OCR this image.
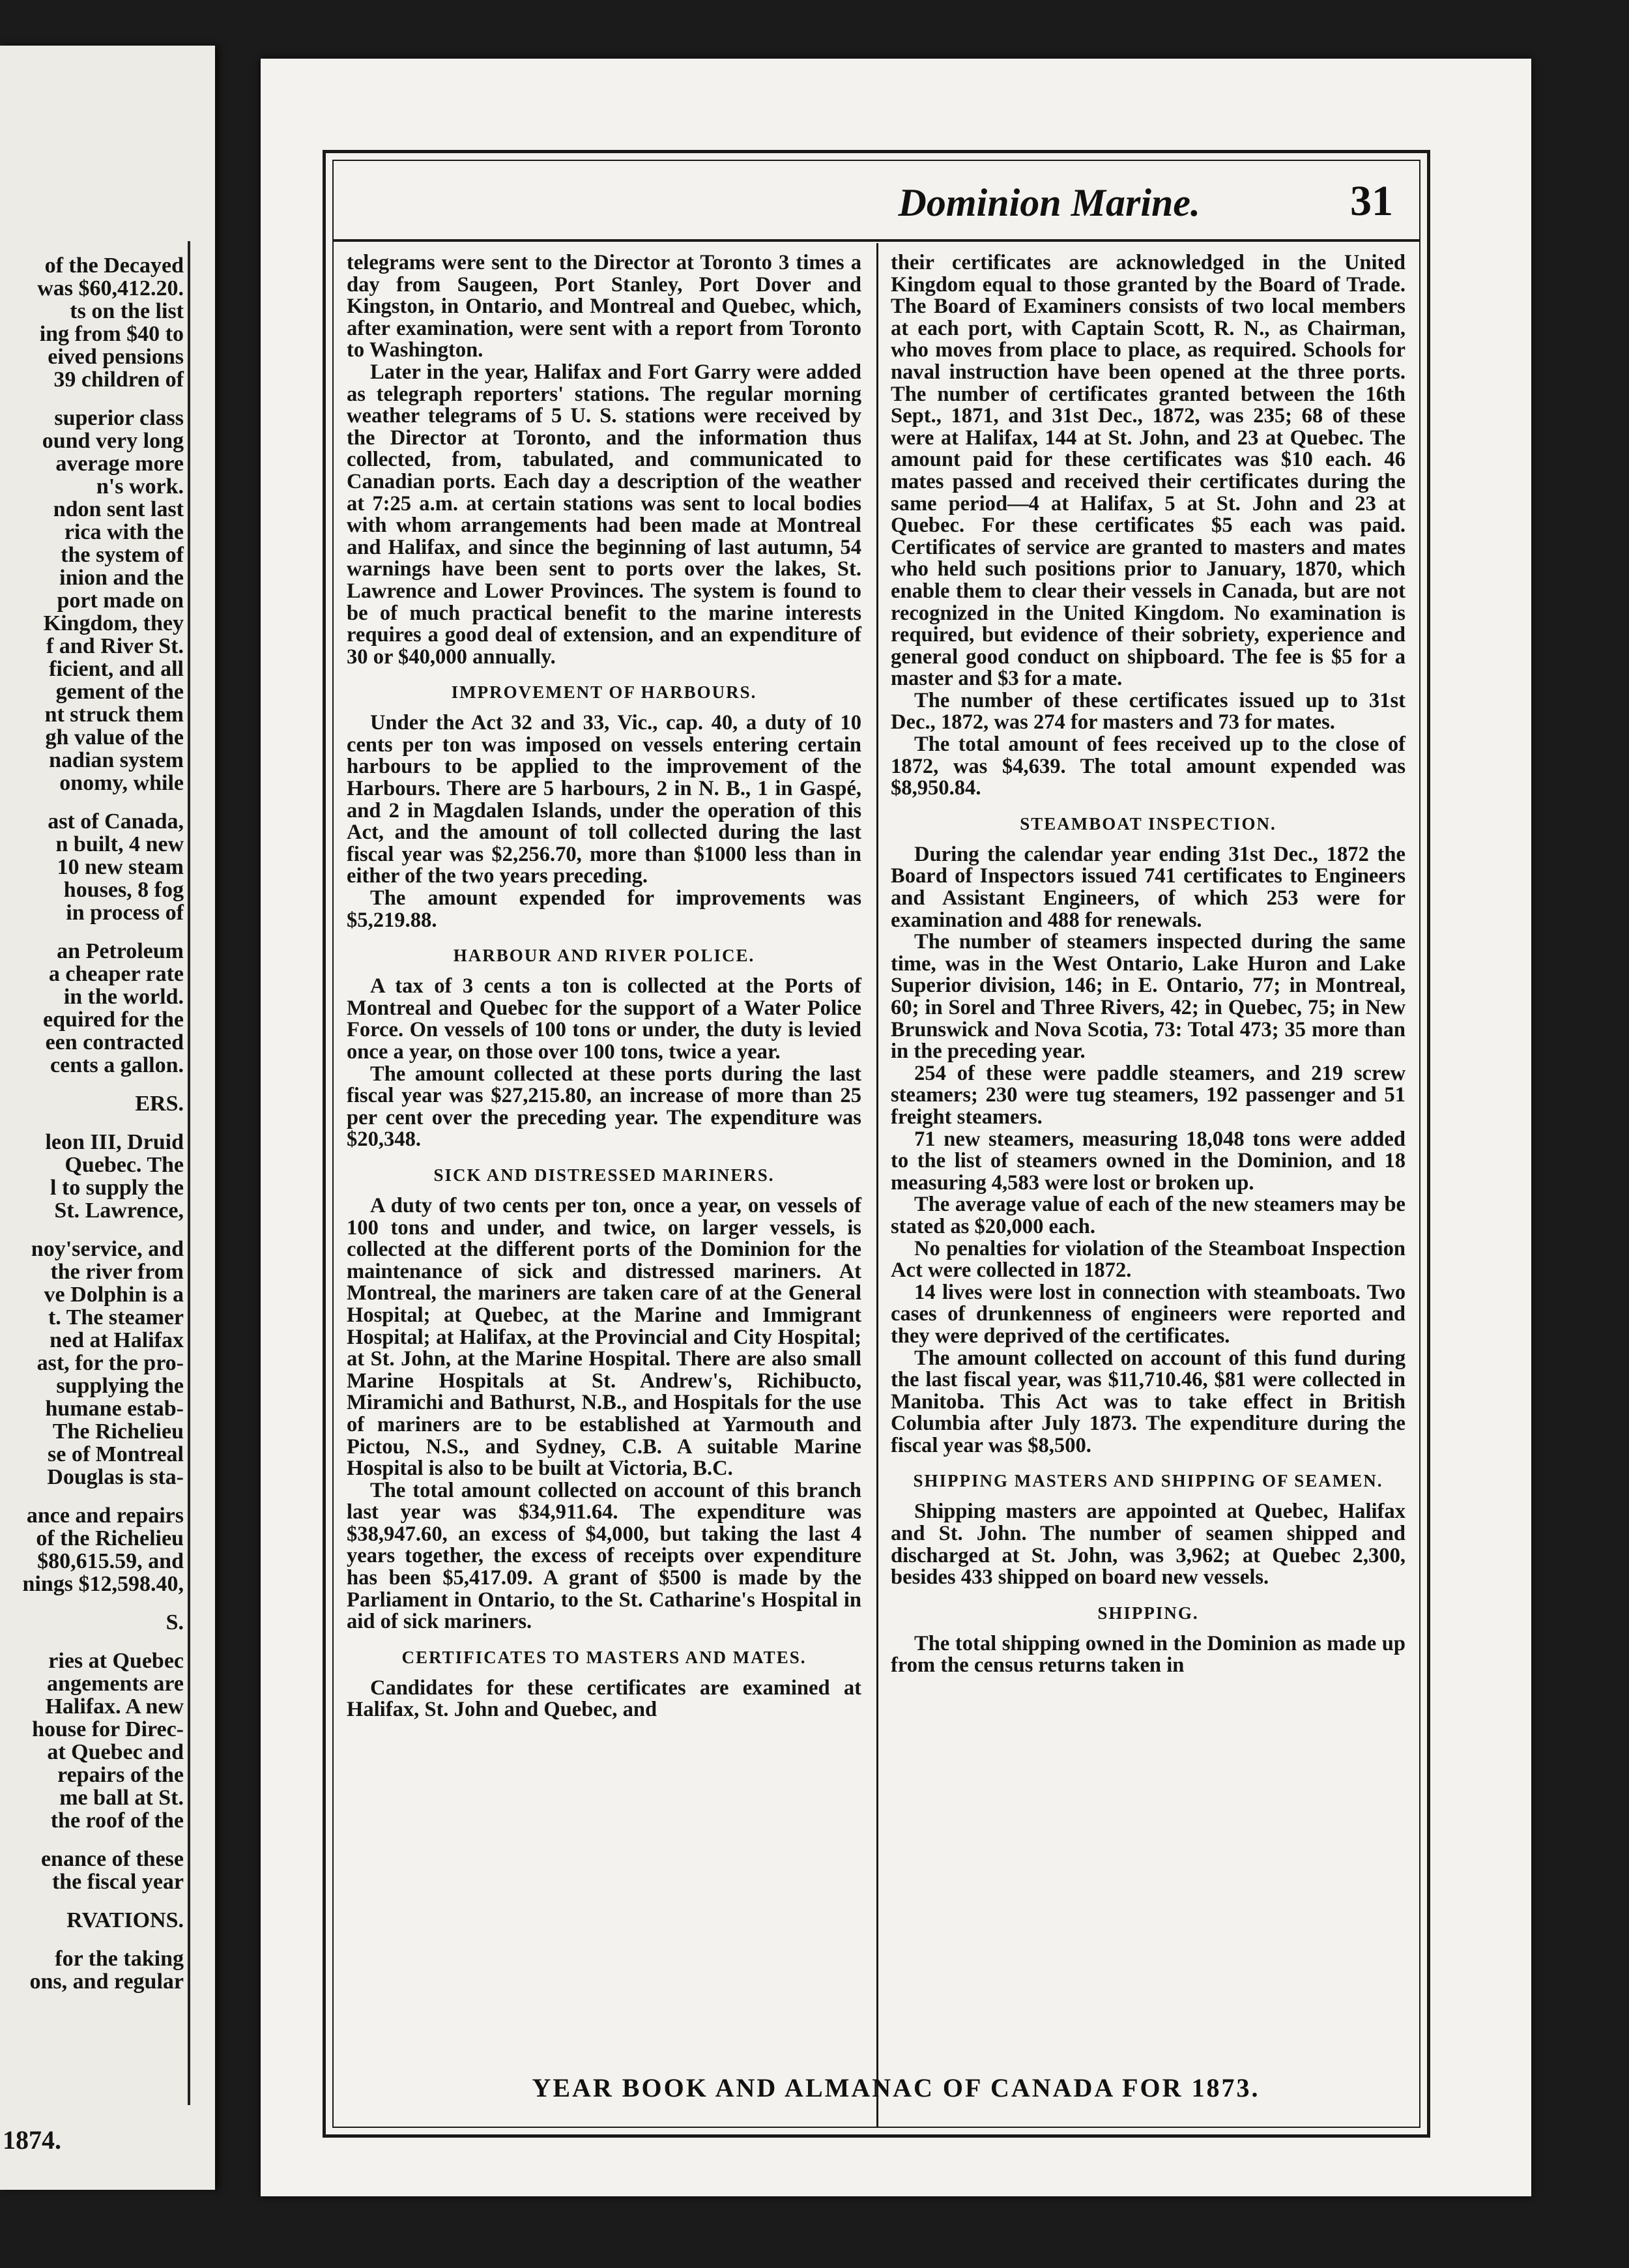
of the Decayed
was $60,412.20.
ts on the list
ing from $40 to
eived pensions
39 children of
superior class
ound very long
average more
n's work.
ndon sent last
rica with the
the system of
inion and the
port made on
Kingdom, they
f and River St.
ficient, and all
gement of the
nt struck them
gh value of the
nadian system
onomy, while
ast of Canada,
n built, 4 new
10 new steam
houses, 8 fog
in process of
an Petroleum
a cheaper rate
in the world.
equired for the
een contracted
cents a gallon.
ERS.
leon III, Druid
Quebec. The
l to supply the
St. Lawrence,
noy'service, and
the river from
ve Dolphin is a
t. The steamer
ned at Halifax
ast, for the pro-
supplying the
humane estab-
The Richelieu
se of Montreal
Douglas is sta-
ance and repairs
of the Richelieu
$80,615.59, and
nings $12,598.40,
S.
ries at Quebec
angements are
Halifax. A new
house for Direc-
at Quebec and
repairs of the
me ball at St.
the roof of the
enance of these
the fiscal year
RVATIONS.
for the taking
ons, and regular
1874.
Dominion Marine.	31

telegrams were sent to the Director at Toronto 3 times a day from Saugeen, Port Stanley, Port Dover and Kingston, in Ontario, and Montreal and Quebec, which, after examination, were sent with a report from Toronto to Washington.

Later in the year, Halifax and Fort Garry were added as telegraph reporters' stations. The regular morning weather telegrams of 5 U. S. stations were received by the Director at Toronto, and the information thus collected, from, tabulated, and communicated to Canadian ports. Each day a description of the weather at 7:25 a.m. at certain stations was sent to local bodies with whom arrangements had been made at Montreal and Halifax, and since the beginning of last autumn, 54 warnings have been sent to ports over the lakes, St. Lawrence and Lower Provinces. The system is found to be of much practical benefit to the marine interests requires a good deal of extension, and an expenditure of 30 or $40,000 annually.

IMPROVEMENT OF HARBOURS.

Under the Act 32 and 33, Vic., cap. 40, a duty of 10 cents per ton was imposed on vessels entering certain harbours to be applied to the improvement of the Harbours. There are 5 harbours, 2 in N. B., 1 in Gaspé, and 2 in Magdalen Islands, under the operation of this Act, and the amount of toll collected during the last fiscal year was $2,256.70, more than $1000 less than in either of the two years preceding.

The amount expended for improvements was $5,219.88.

HARBOUR AND RIVER POLICE.

A tax of 3 cents a ton is collected at the Ports of Montreal and Quebec for the support of a Water Police Force. On vessels of 100 tons or under, the duty is levied once a year, on those over 100 tons, twice a year.

The amount collected at these ports during the last fiscal year was $27,215.80, an increase of more than 25 per cent over the preceding year. The expenditure was $20,348.

SICK AND DISTRESSED MARINERS.

A duty of two cents per ton, once a year, on vessels of 100 tons and under, and twice, on larger vessels, is collected at the different ports of the Dominion for the maintenance of sick and distressed mariners. At Montreal, the mariners are taken care of at the General Hospital; at Quebec, at the Marine and Immigrant Hospital; at Halifax, at the Provincial and City Hospital; at St. John, at the Marine Hospital. There are also small Marine Hospitals at St. Andrew's, Richibucto, Miramichi and Bathurst, N.B., and Hospitals for the use of mariners are to be established at Yarmouth and Pictou, N.S., and Sydney, C.B. A suitable Marine Hospital is also to be built at Victoria, B.C.

The total amount collected on account of this branch last year was $34,911.64. The expenditure was $38,947.60, an excess of $4,000, but taking the last 4 years together, the excess of receipts over expenditure has been $5,417.09. A grant of $500 is made by the Parliament in Ontario, to the St. Catharine's Hospital in aid of sick mariners.

CERTIFICATES TO MASTERS AND MATES.

Candidates for these certificates are examined at Halifax, St. John and Quebec, and

their certificates are acknowledged in the United Kingdom equal to those granted by the Board of Trade. The Board of Examiners consists of two local members at each port, with Captain Scott, R. N., as Chairman, who moves from place to place, as required. Schools for naval instruction have been opened at the three ports. The number of certificates granted between the 16th Sept., 1871, and 31st Dec., 1872, was 235; 68 of these were at Halifax, 144 at St. John, and 23 at Quebec. The amount paid for these certificates was $10 each. 46 mates passed and received their certificates during the same period—4 at Halifax, 5 at St. John and 23 at Quebec. For these certificates $5 each was paid. Certificates of service are granted to masters and mates who held such positions prior to January, 1870, which enable them to clear their vessels in Canada, but are not recognized in the United Kingdom. No examination is required, but evidence of their sobriety, experience and general good conduct on shipboard. The fee is $5 for a master and $3 for a mate.

The number of these certificates issued up to 31st Dec., 1872, was 274 for masters and 73 for mates.

The total amount of fees received up to the close of 1872, was $4,639. The total amount expended was $8,950.84.

STEAMBOAT INSPECTION.

During the calendar year ending 31st Dec., 1872 the Board of Inspectors issued 741 certificates to Engineers and Assistant Engineers, of which 253 were for examination and 488 for renewals.

The number of steamers inspected during the same time, was in the West Ontario, Lake Huron and Lake Superior division, 146; in E. Ontario, 77; in Montreal, 60; in Sorel and Three Rivers, 42; in Quebec, 75; in New Brunswick and Nova Scotia, 73: Total 473; 35 more than in the preceding year.

254 of these were paddle steamers, and 219 screw steamers; 230 were tug steamers, 192 passenger and 51 freight steamers.

71 new steamers, measuring 18,048 tons were added to the list of steamers owned in the Dominion, and 18 measuring 4,583 were lost or broken up.

The average value of each of the new steamers may be stated as $20,000 each.

No penalties for violation of the Steamboat Inspection Act were collected in 1872.

14 lives were lost in connection with steamboats. Two cases of drunkenness of engineers were reported and they were deprived of the certificates.

The amount collected on account of this fund during the last fiscal year, was $11,710.46, $81 were collected in Manitoba. This Act was to take effect in British Columbia after July 1873. The expenditure during the fiscal year was $8,500.

SHIPPING MASTERS AND SHIPPING OF SEAMEN.

Shipping masters are appointed at Quebec, Halifax and St. John. The number of seamen shipped and discharged at St. John, was 3,962; at Quebec 2,300, besides 433 shipped on board new vessels.

SHIPPING.

The total shipping owned in the Dominion as made up from the census returns taken in

YEAR BOOK AND ALMANAC OF CANADA FOR 1873.
